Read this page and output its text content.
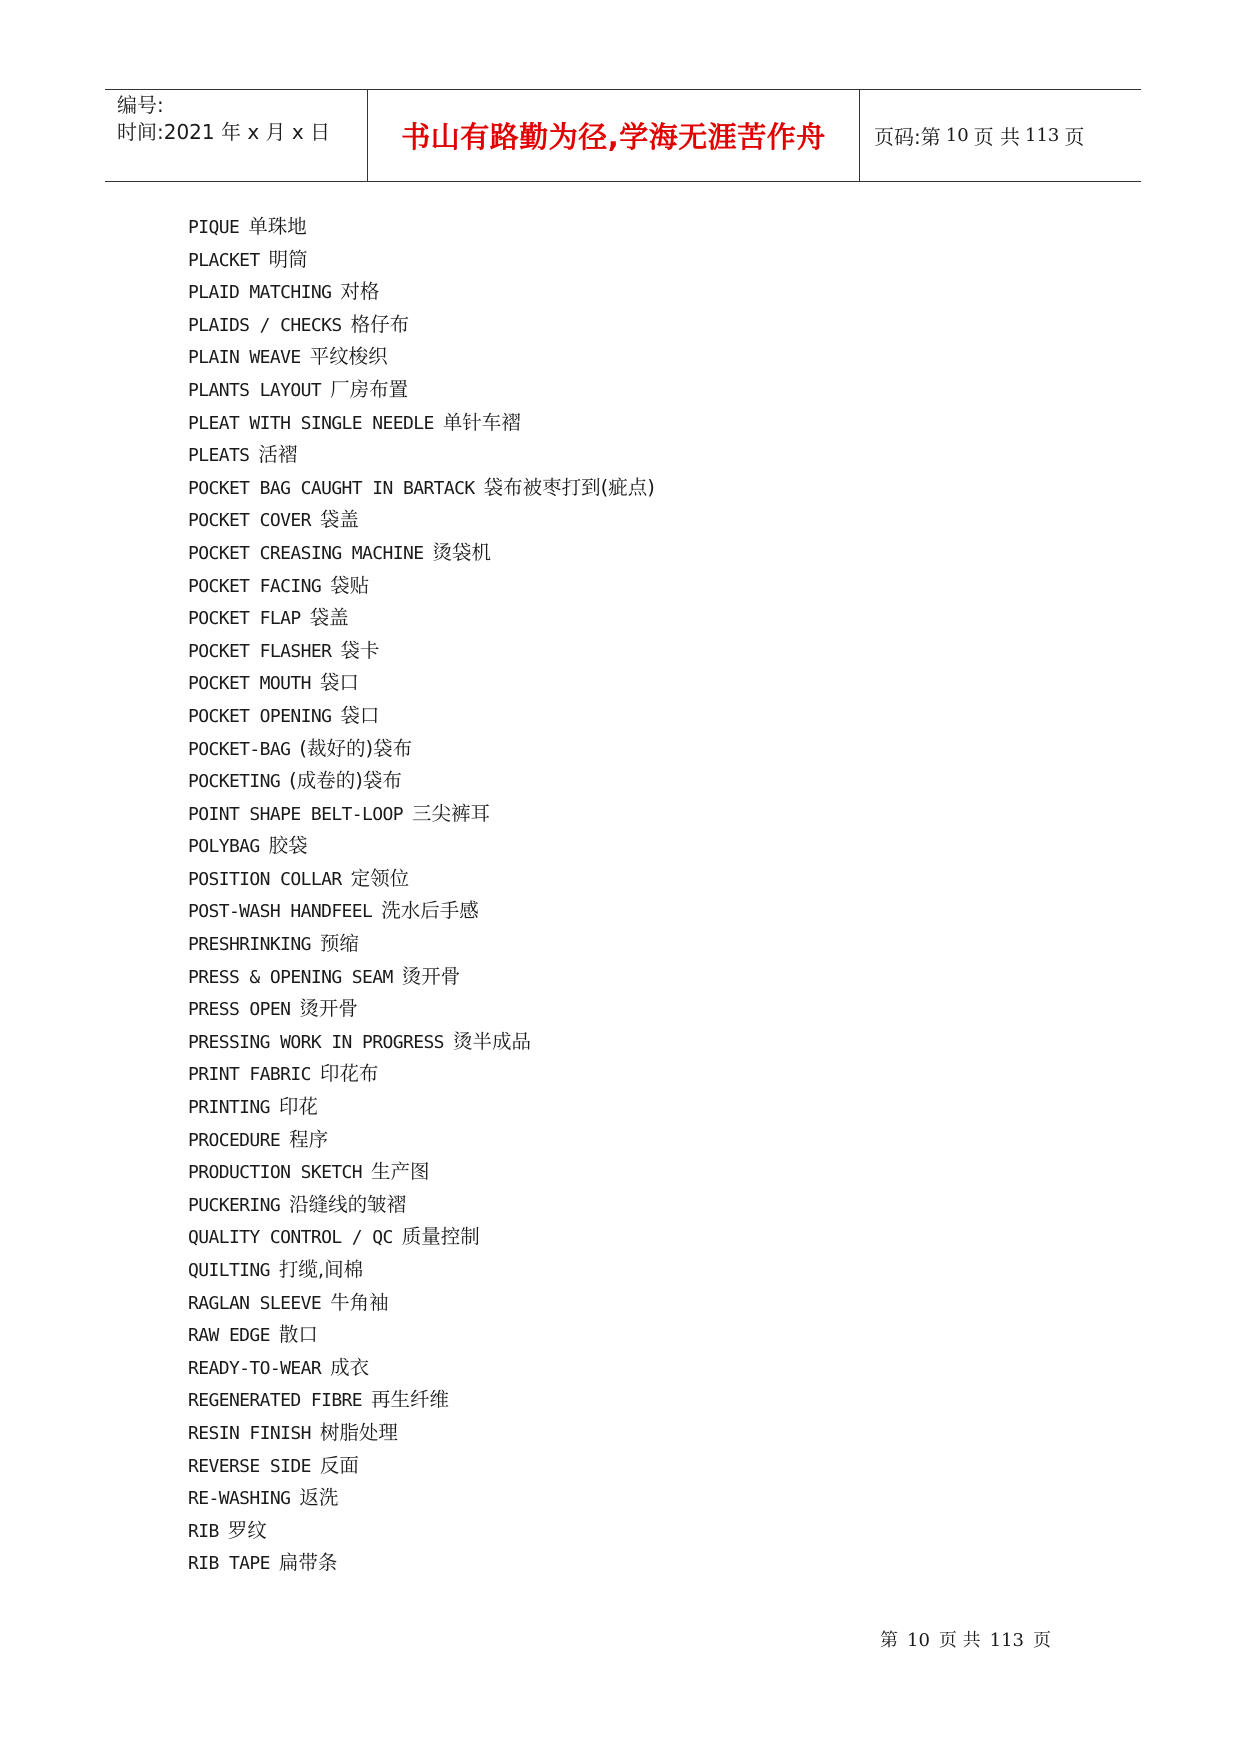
编号:
时间:2021 年 x 月 x 日	书山有路勤为径,学海无涯苦作舟	页码:第 10 页 共 113 页
PIQUE 单珠地
PLACKET 明筒
PLAID MATCHING 对格
PLAIDS / CHECKS 格仔布
PLAIN WEAVE 平纹梭织
PLANTS LAYOUT 厂房布置
PLEAT WITH SINGLE NEEDLE 单针车褶
PLEATS 活褶
POCKET BAG CAUGHT IN BARTACK 袋布被枣打到(疵点)
POCKET COVER 袋盖
POCKET CREASING MACHINE 烫袋机
POCKET FACING 袋贴
POCKET FLAP 袋盖
POCKET FLASHER 袋卡
POCKET MOUTH 袋口
POCKET OPENING 袋口
POCKET-BAG (裁好的)袋布
POCKETING (成卷的)袋布
POINT SHAPE BELT-LOOP 三尖裤耳
POLYBAG 胶袋
POSITION COLLAR 定领位
POST-WASH HANDFEEL 洗水后手感
PRESHRINKING 预缩
PRESS & OPENING SEAM 烫开骨
PRESS OPEN 烫开骨
PRESSING WORK IN PROGRESS 烫半成品
PRINT FABRIC 印花布
PRINTING 印花
PROCEDURE 程序
PRODUCTION SKETCH 生产图
PUCKERING 沿缝线的皱褶
QUALITY CONTROL / QC 质量控制
QUILTING 打缆,间棉
RAGLAN SLEEVE 牛角袖
RAW EDGE 散口
READY-TO-WEAR 成衣
REGENERATED FIBRE 再生纤维
RESIN FINISH 树脂处理
REVERSE SIDE 反面
RE-WASHING 返洗
RIB 罗纹
RIB TAPE 扁带条
第 10 页 共 113 页
